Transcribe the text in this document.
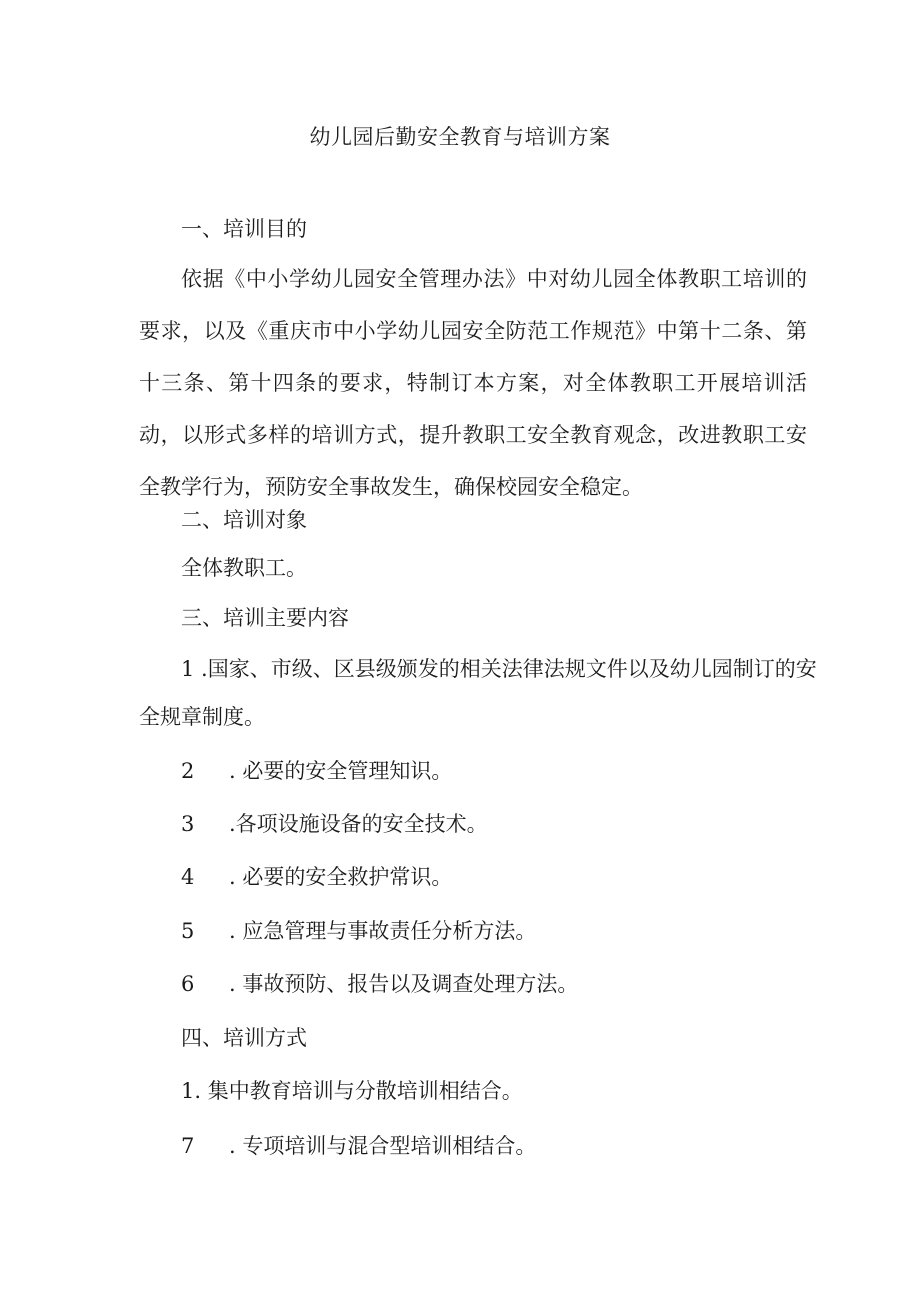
幼儿园后勤安全教育与培训方案
一、培训目的
依据《中小学幼儿园安全管理办法》中对幼儿园全体教职工培训的要求，以及《重庆市中小学幼儿园安全防范工作规范》中第十二条、第十三条、第十四条的要求，特制订本方案，对全体教职工开展培训活动，以形式多样的培训方式，提升教职工安全教育观念，改进教职工安全教学行为，预防安全事故发生，确保校园安全稳定。
二、培训对象
全体教职工。
三、培训主要内容
1 .国家、市级、区县级颁发的相关法律法规文件以及幼儿园制订的安
全规章制度。
2 . 必要的安全管理知识。
3 .各项设施设备的安全技术。
4 . 必要的安全救护常识。
5 . 应急管理与事故责任分析方法。
6 . 事故预防、报告以及调查处理方法。
四、培训方式
1. 集中教育培训与分散培训相结合。
7 . 专项培训与混合型培训相结合。
